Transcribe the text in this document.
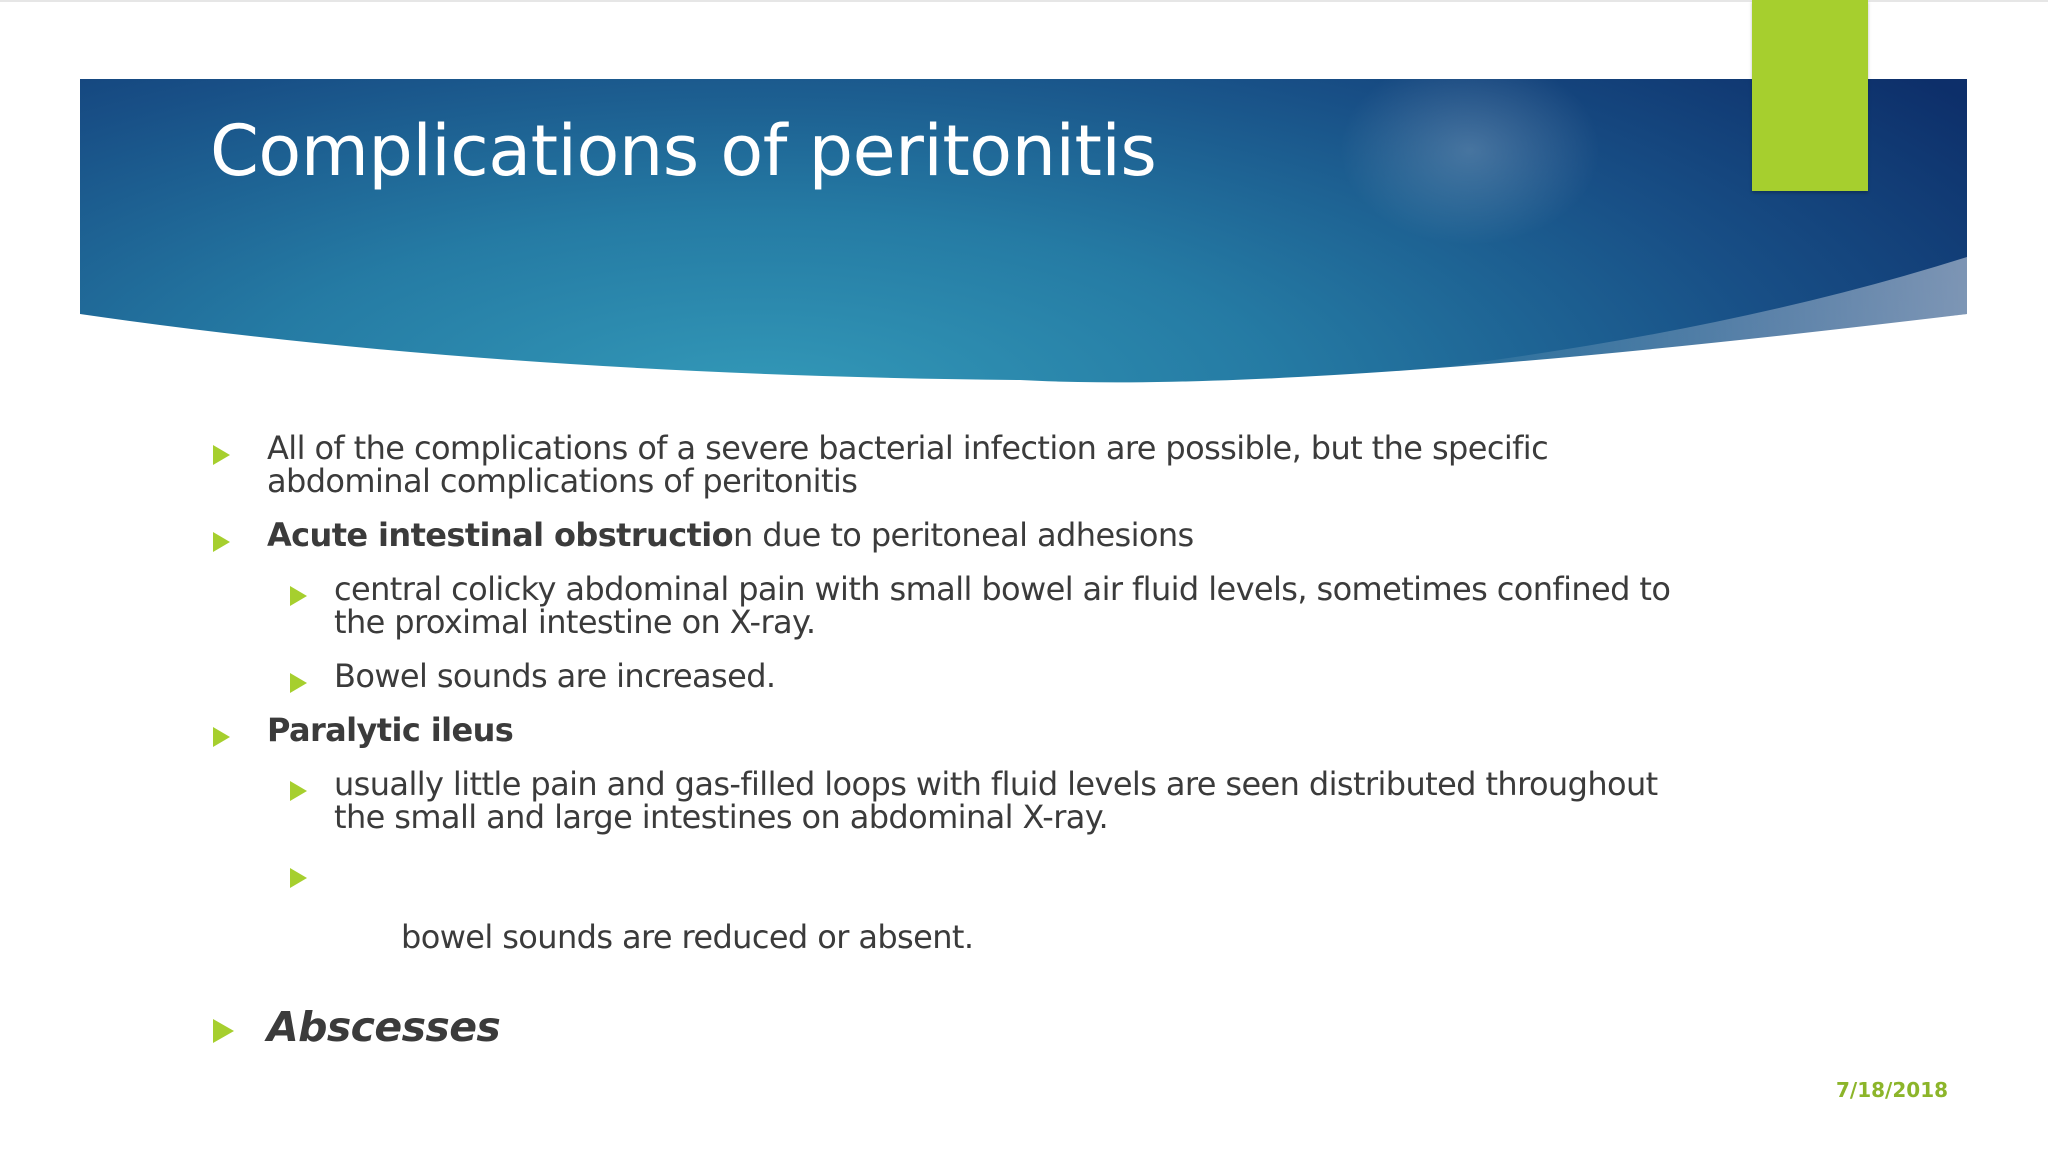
Complications of peritonitis
All of the complications of a severe bacterial infection are possible, but the specific
abdominal complications of peritonitis
Acute intestinal obstruction due to peritoneal adhesions
central colicky abdominal pain with small bowel air fluid levels, sometimes confined to
the proximal intestine on X-ray.
Bowel sounds are increased.
Paralytic ileus
usually little pain and gas-filled loops with fluid levels are seen distributed throughout
the small and large intestines on abdominal X-ray.

bowel sounds are reduced or absent.

Abscesses
7/18/2018
